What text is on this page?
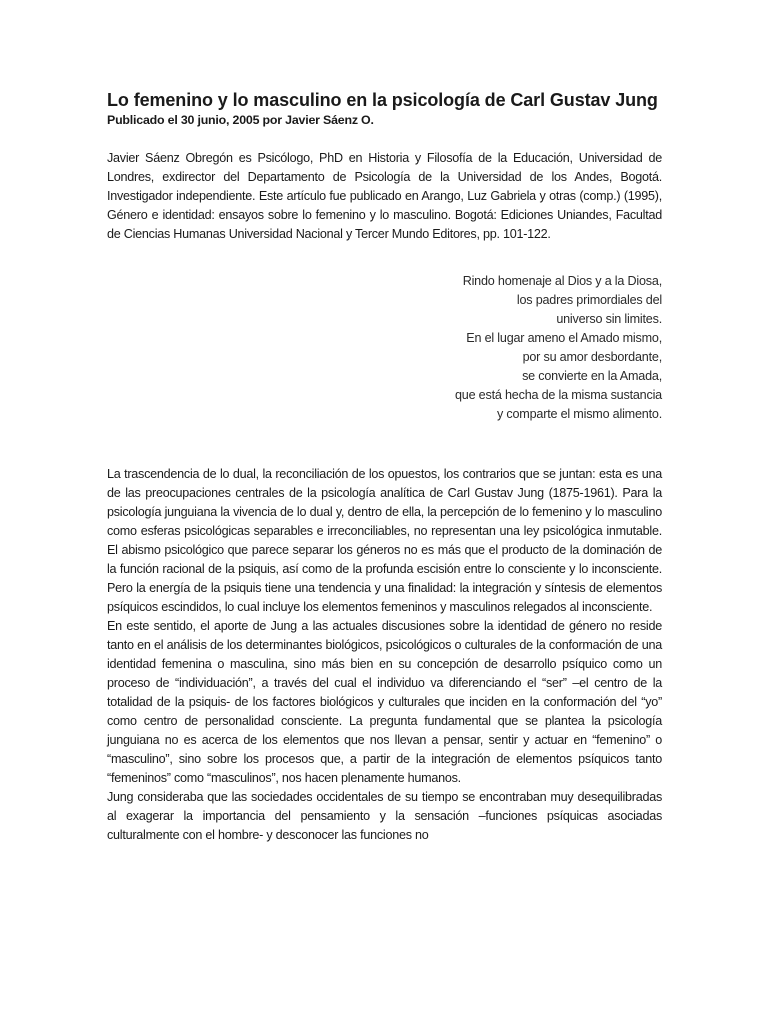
Lo femenino y lo masculino en la psicología de Carl Gustav Jung

Publicado el 30 junio, 2005 por Javier Sáenz O.

Javier Sáenz Obregón es Psicólogo, PhD en Historia y Filosofía de la Educación, Universidad de Londres, exdirector del Departamento de Psicología de la Universidad de los Andes, Bogotá. Investigador independiente. Este artículo fue publicado en Arango, Luz Gabriela y otras (comp.) (1995), Género e identidad: ensayos sobre lo femenino y lo masculino. Bogotá: Ediciones Uniandes, Facultad de Ciencias Humanas Universidad Nacional y Tercer Mundo Editores, pp. 101-122.

Rindo homenaje al Dios y a la Diosa,
los padres primordiales del
universo sin limites.
En el lugar ameno el Amado mismo,
por su amor desbordante,
se convierte en la Amada,
que está hecha de la misma sustancia
y comparte el mismo alimento.

La trascendencia de lo dual, la reconciliación de los opuestos, los contrarios que se juntan: esta es una de las preocupaciones centrales de la psicología analítica de Carl Gustav Jung (1875-1961). Para la psicología junguiana la vivencia de lo dual y, dentro de ella, la percepción de lo femenino y lo masculino como esferas psicológicas separables e irreconciliables, no representan una ley psicológica inmutable. El abismo psicológico que parece separar los géneros no es más que el producto de la dominación de la función racional de la psiquis, así como de la profunda escisión entre lo consciente y lo inconsciente. Pero la energía de la psiquis tiene una tendencia y una finalidad: la integración y síntesis de elementos psíquicos escindidos, lo cual incluye los elementos femeninos y masculinos relegados al inconsciente.

En este sentido, el aporte de Jung a las actuales discusiones sobre la identidad de género no reside tanto en el análisis de los determinantes biológicos, psicológicos o culturales de la conformación de una identidad femenina o masculina, sino más bien en su concepción de desarrollo psíquico como un proceso de “individuación”, a través del cual el individuo va diferenciando el “ser” –el centro de la totalidad de la psiquis- de los factores biológicos y culturales que inciden en la conformación del “yo” como centro de personalidad consciente. La pregunta fundamental que se plantea la psicología junguiana no es acerca de los elementos que nos llevan a pensar, sentir y actuar en “femenino” o “masculino”, sino sobre los procesos que, a partir de la integración de elementos psíquicos tanto “femeninos” como “masculinos”, nos hacen plenamente humanos.

Jung consideraba que las sociedades occidentales de su tiempo se encontraban muy desequilibradas al exagerar la importancia del pensamiento y la sensación –funciones psíquicas asociadas culturalmente con el hombre- y desconocer las funciones no
